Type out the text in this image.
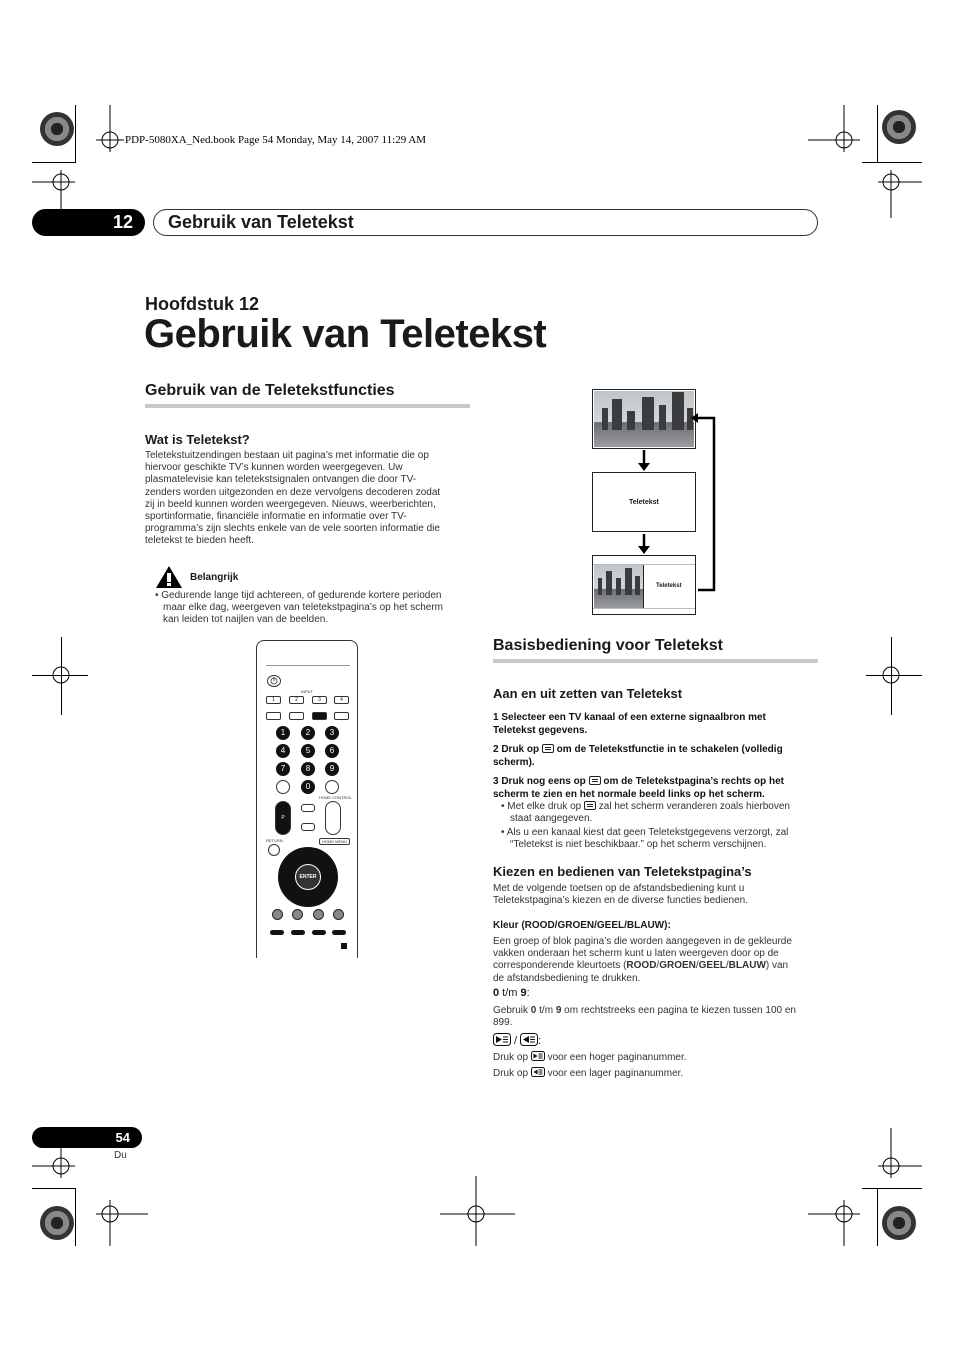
PDP-5080XA_Ned.book Page 54 Monday, May 14, 2007 11:29 AM
12	Gebruik van Teletekst
Hoofdstuk 12
Gebruik van Teletekst
Gebruik van de Teletekstfuncties
Wat is Teletekst?
Teletekstuitzendingen bestaan uit pagina’s met informatie die op
hiervoor geschikte TV’s kunnen worden weergegeven. Uw
plasmatelevisie kan teletekstsignalen ontvangen die door TV-
zenders worden uitgezonden en deze vervolgens decoderen zodat
zij in beeld kunnen worden weergegeven. Nieuws, weerberichten,
sportinformatie, financiële informatie en informatie over TV-
programma’s zijn slechts enkele van de vele soorten informatie die
teletekst te bieden heeft.
Belangrijk
• Gedurende lange tijd achtereen, of gedurende kortere perioden
maar elke dag, weergeven van teletekstpagina’s op het scherm
kan leiden tot naijlen van de beelden.
Teletekst
Teletekst
INPUT
1	2	3	4
1	2	3
4	5	6
7	8	9
0
HOME CONTROL
P
RETURN	HOME MENU
ENTER
Basisbediening voor Teletekst
Aan en uit zetten van Teletekst
1 Selecteer een TV kanaal of een externe signaalbron met
Teletekst gegevens.
2 Druk op  om de Teletekstfunctie in te schakelen (volledig
scherm).
3 Druk nog eens op  om de Teletekstpagina’s rechts op het
scherm te zien en het normale beeld links op het scherm.
• Met elke druk op  zal het scherm veranderen zoals hierboven
staat aangegeven.
• Als u een kanaal kiest dat geen Teletekstgegevens verzorgt, zal
“Teletekst is niet beschikbaar.” op het scherm verschijnen.
Kiezen en bedienen van Teletekstpagina’s
Met de volgende toetsen op de afstandsbediening kunt u
Teletekstpagina’s kiezen en de diverse functies bedienen.
Kleur (ROOD/GROEN/GEEL/BLAUW):
Een groep of blok pagina’s die worden aangegeven in de gekleurde
vakken onderaan het scherm kunt u laten weergeven door op de
corresponderende kleurtoets (ROOD/GROEN/GEEL/BLAUW) van
de afstandsbediening te drukken.
0 t/m 9:
Gebruik 0 t/m 9 om rechtstreeks een pagina te kiezen tussen 100 en
899.
/ :
Druk op  voor een hoger paginanummer.
Druk op  voor een lager paginanummer.
54
Du
